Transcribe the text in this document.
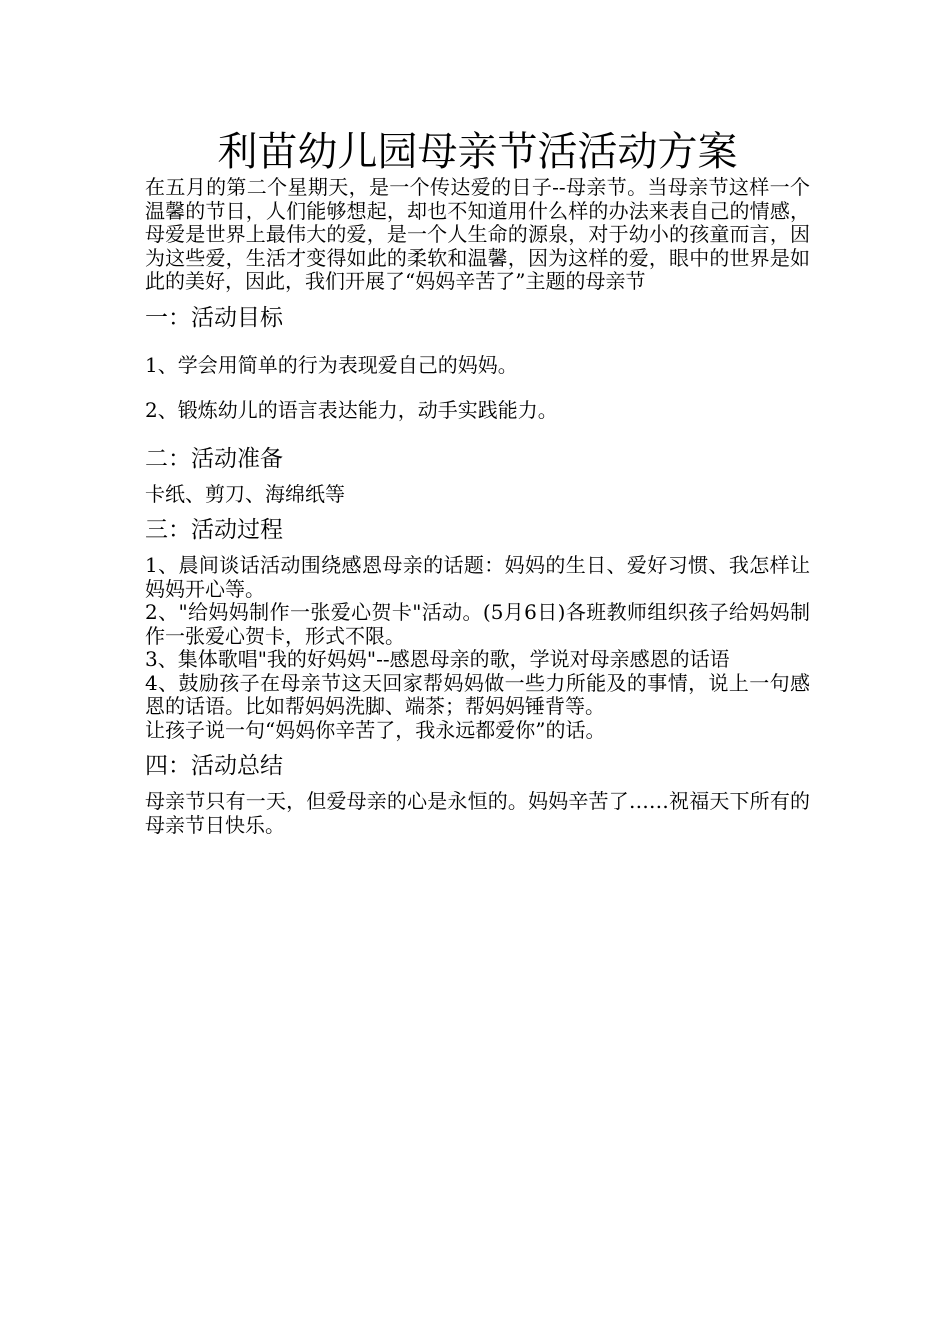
利苗幼儿园母亲节活活动方案

在五月的第二个星期天，是一个传达爱的日子--母亲节。当母亲节这样一个温馨的节日，人们能够想起，却也不知道用什么样的办法来表自己的情感，母爱是世界上最伟大的爱，是一个人生命的源泉，对于幼小的孩童而言，因为这些爱，生活才变得如此的柔软和温馨，因为这样的爱，眼中的世界是如此的美好，因此，我们开展了“妈妈辛苦了”主题的母亲节

一：活动目标

1、学会用简单的行为表现爱自己的妈妈。

2、锻炼幼儿的语言表达能力，动手实践能力。

二：活动准备

卡纸、剪刀、海绵纸等

三：活动过程

1、晨间谈话活动围绕感恩母亲的话题：妈妈的生日、爱好习惯、我怎样让妈妈开心等。

2、"给妈妈制作一张爱心贺卡"活动。(5月6日)各班教师组织孩子给妈妈制作一张爱心贺卡，形式不限。

3、集体歌唱"我的好妈妈"--感恩母亲的歌，学说对母亲感恩的话语

4、鼓励孩子在母亲节这天回家帮妈妈做一些力所能及的事情，说上一句感恩的话语。比如帮妈妈洗脚、端茶；帮妈妈锤背等。

让孩子说一句“妈妈你辛苦了，我永远都爱你”的话。

四：活动总结

母亲节只有一天，但爱母亲的心是永恒的。妈妈辛苦了……祝福天下所有的母亲节日快乐。
